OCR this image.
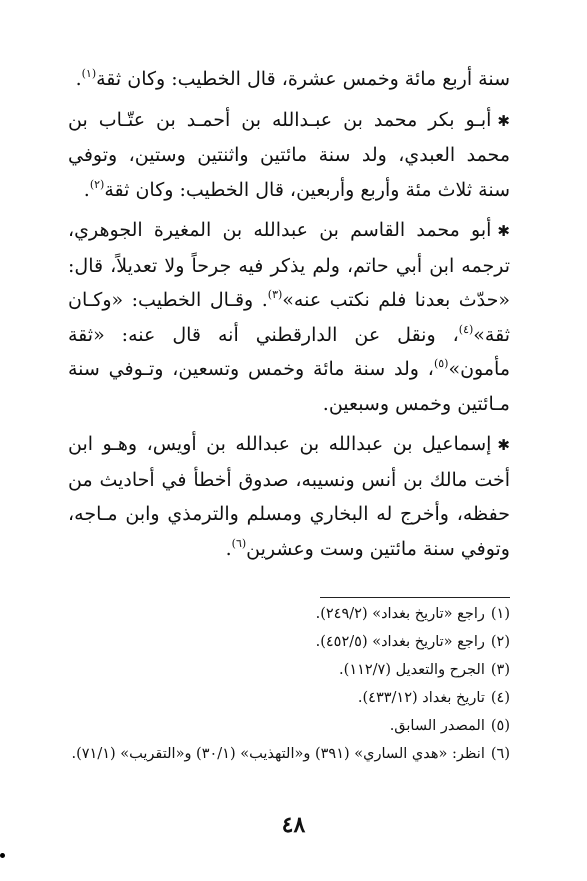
سنة أربع مائة وخمس عشرة، قال الخطيب: وكان ثقة$^{(١)}$.

✱أبـو بكر محمد بن عبـدالله بن أحمـد بن عتّـاب بن محمد العبدي، ولد سنة مائتين واثنتين وستين، وتوفي سنة ثلاث مئة وأربع وأربعين، قال الخطيب: وكان ثقة$^{(٢)}$.

✱أبو محمد القاسم بن عبدالله بن المغيرة الجوهري، ترجمه ابن أبي حاتم، ولم يذكر فيه جرحاً ولا تعديلاً، قال: «حدّث بعدنا فلم نكتب عنه»$^{(٣)}$. وقـال الخطيب: «وكـان ثقة»$^{(٤)}$، ونقل عن الدارقطني أنه قال عنه: «ثقة مأمون»$^{(٥)}$، ولد سنة مائة وخمس وتسعين، وتـوفي سنة مـائتين وخمس وسبعين.

✱إسماعيل بن عبدالله بن عبدالله بن أويس، وهـو ابن أخت مالك بن أنس ونسيبه، صدوق أخطأ في أحاديث من حفظه، وأخرج له البخاري ومسلم والترمذي وابن مـاجه، وتوفي سنة مائتين وست وعشرين$^{(٦)}$.

(١)
راجع «تاريخ بغداد» (٢٤٩/٢).
(٢)
راجع «تاريخ بغداد» (٤٥٢/٥).
(٣)
الجرح والتعديل (١١٢/٧).
(٤)
تاريخ بغداد (٤٣٣/١٢).
(٥)
المصدر السابق.
(٦)
انظر: «هدي الساري» (٣٩١) و«التهذيب» (٣٠/١) و«التقريب» (٧١/١).
٤٨
